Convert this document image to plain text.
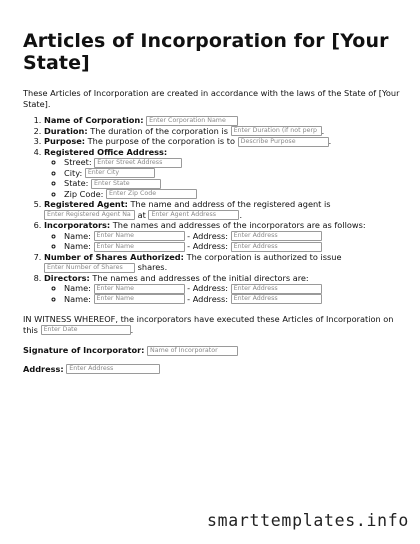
Articles of Incorporation for [Your State]
These Articles of Incorporation are created in accordance with the laws of the State of [Your State].
1. Name of Corporation: Enter Corporation Name
2. Duration: The duration of the corporation is Enter Duration (if not perp .
3. Purpose: The purpose of the corporation is to Describe Purpose	.
4. Registered Office Address:
◦ Street: Enter Street Address
◦ City: Enter City
◦ State: Enter State
◦ Zip Code: Enter Zip Code
5. Registered Agent: The name and address of the registered agent is
Enter Registered Agent Na at Enter Agent Address	.
6. Incorporators: The names and addresses of the incorporators are as follows:
◦ Name: Enter Name	- Address: Enter Address
◦ Name: Enter Name	- Address: Enter Address
7. Number of Shares Authorized: The corporation is authorized to issue
Enter Number of Shares shares.
8. Directors: The names and addresses of the initial directors are:
◦ Name: Enter Name	- Address: Enter Address
◦ Name: Enter Name	- Address: Enter Address
IN WITNESS WHEREOF, the incorporators have executed these Articles of Incorporation on this Enter Date	.
Signature of Incorporator: Name of Incorporator
Address: Enter Address
smarttemplates.info
